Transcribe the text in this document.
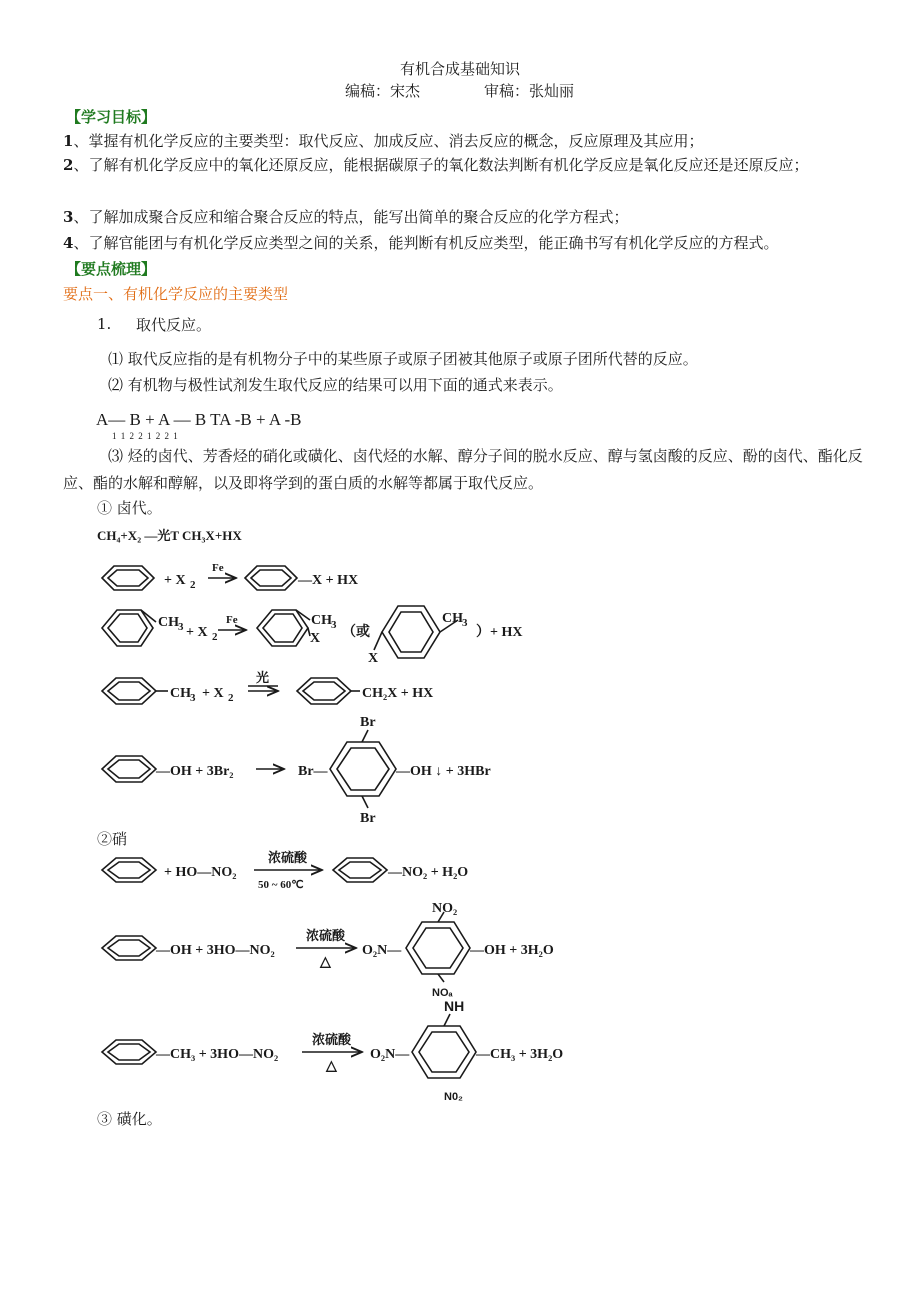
有机合成基础知识
编稿：宋杰	审稿：张灿丽
【学习目标】
1、掌握有机化学反应的主要类型：取代反应、加成反应、消去反应的概念，反应原理及其应用；
2、了解有机化学反应中的氧化还原反应，能根据碳原子的氧化数法判断有机化学反应是氧化反应还是还原反应；
3、了解加成聚合反应和缩合聚合反应的特点，能写出简单的聚合反应的化学方程式；
4、了解官能团与有机化学反应类型之间的关系，能判断有机反应类型，能正确书写有机化学反应的方程式。
【要点梳理】
要点一、有机化学反应的主要类型
1. 取代反应。
⑴ 取代反应指的是有机物分子中的某些原子或原子团被其他原子或原子团所代替的反应。
⑵ 有机物与极性试剂发生取代反应的结果可以用下面的通式来表示。
A— B + A — B TA -B + A -B
1 1 2 2 1 2 2 1
⑶ 烃的卤代、芳香烃的硝化或磺化、卤代烃的水解、醇分子间的脱水反应、醇与氢卤酸的反应、酚的卤代、酯化反应、酯的水解和醇解，以及即将学到的蛋白质的水解等都属于取代反应。
① 卤代。
CH₄+X₂ —光T CH₃X+HX
+ X 2
Fe
—X + HX
CH 3 + X 2
Fe	CH 3
X （或
CH 3
）+ HX
X
CH 3 + X 2
光
CH₂X + HX
—OH + 3Br₂	Br—
Br
Br
—OH ↓ + 3HBr
+ HO—NO₂
浓硫酸
50 ~ 60℃
—NO₂ + H₂O
—OH + 3HO—NO₂
浓硫酸
△
O₂N—
NO₂
—OH + 3H₂O
NOₐ
NH
—CH₃ + 3HO—NO₂
浓硫酸
△
O₂N—	—CH₃ + 3H₂O
N0₂
②硝
③ 磺化。
